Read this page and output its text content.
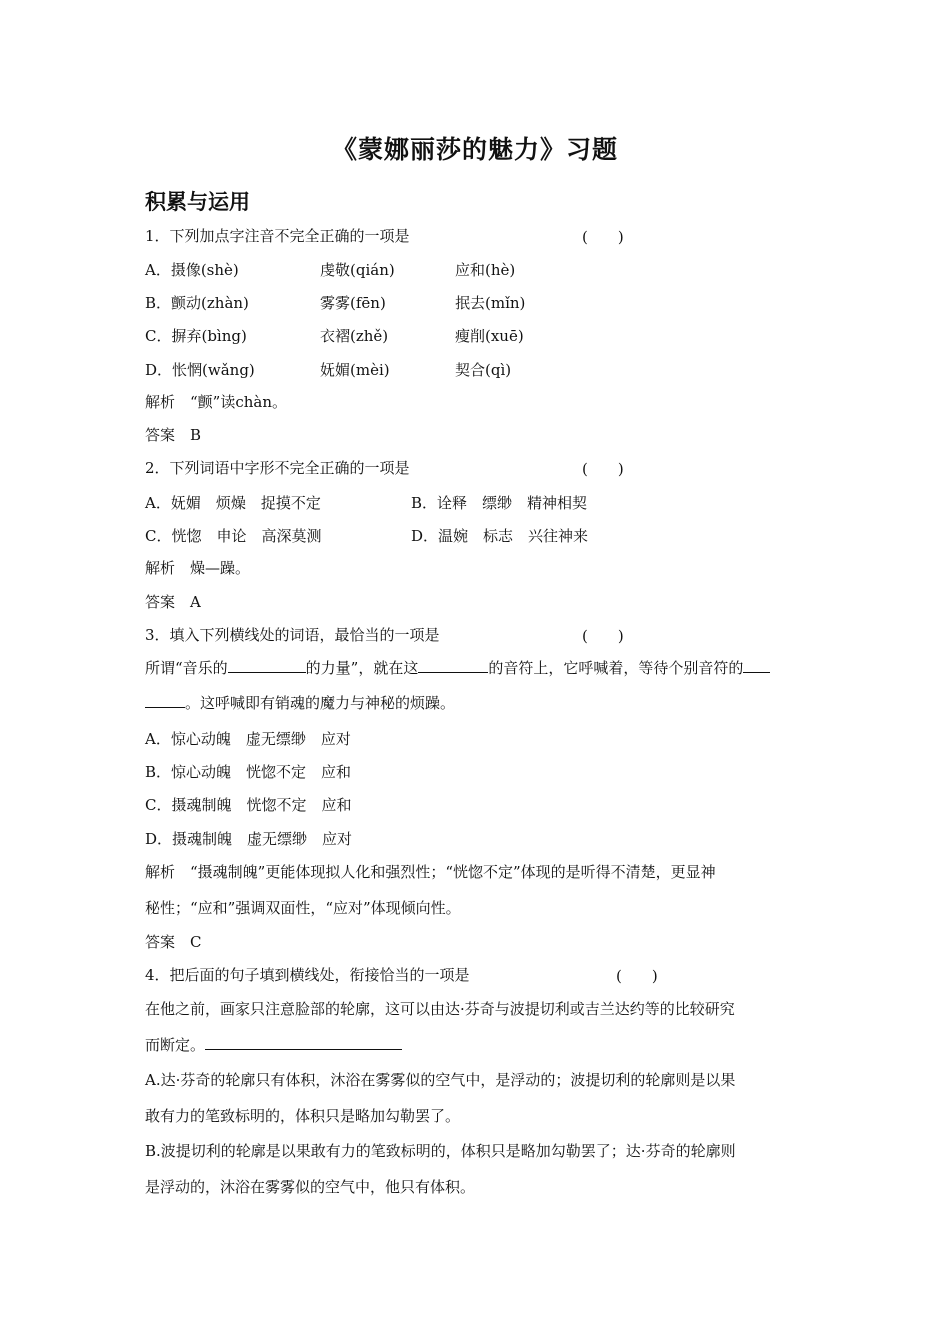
《蒙娜丽莎的魅力》习题
积累与运用
1．下列加点字注音不完全正确的一项是	(　　)
A．摄像(shè)	虔敬(qián)	应和(hè)
B．颤动(zhàn)	雾雾(fēn)	抿去(mǐn)
C．摒弃(bìng)	衣褶(zhě)	瘦削(xuē)
D．怅惘(wǎng)	妩媚(mèi)	契合(qì)
解析　“颤”读chàn。
答案　B
2．下列词语中字形不完全正确的一项是	(　　)
A．妩媚　烦燥　捉摸不定	B．诠释　缥缈　精神相契
C．恍惚　申论　高深莫测	D．温婉　标志　兴往神来
解析　燥—躁。
答案　A
3．填入下列横线处的词语，最恰当的一项是	(　　)
所谓“音乐的	的力量”，就在这	的音符上，它呼喊着，等待个别音符的
。这呼喊即有销魂的魔力与神秘的烦躁。
A．惊心动魄　虚无缥缈　应对
B．惊心动魄　恍惚不定　应和
C．摄魂制魄　恍惚不定　应和
D．摄魂制魄　虚无缥缈　应对
解析　“摄魂制魄”更能体现拟人化和强烈性；“恍惚不定”体现的是听得不清楚，更显神
秘性；“应和”强调双面性，“应对”体现倾向性。
答案　C
4．把后面的句子填到横线处，衔接恰当的一项是	(　　)
在他之前，画家只注意脸部的轮廓，这可以由达·芬奇与波提切利或吉兰达约等的比较研究
而断定。
A.达·芬奇的轮廓只有体积，沐浴在雾雾似的空气中，是浮动的；波提切利的轮廓则是以果
敢有力的笔致标明的，体积只是略加勾勒罢了。
B.波提切利的轮廓是以果敢有力的笔致标明的，体积只是略加勾勒罢了；达·芬奇的轮廓则
是浮动的，沐浴在雾雾似的空气中，他只有体积。
